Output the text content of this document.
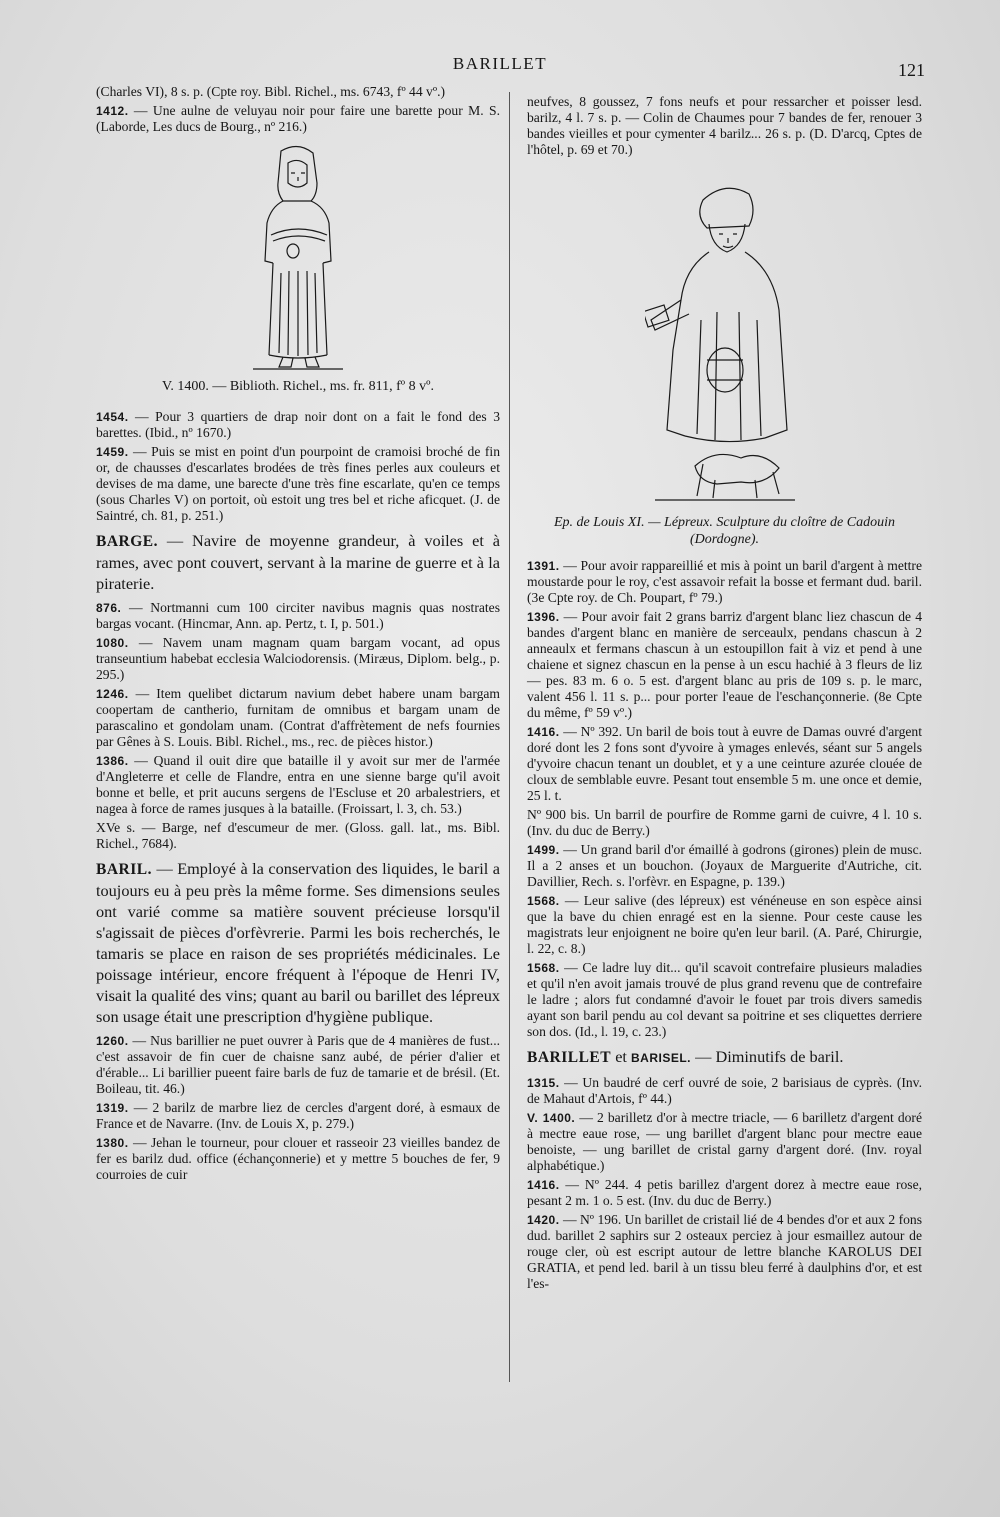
BARILLET	121

(Charles VI), 8 s. p. (Cpte roy. Bibl. Richel., ms. 6743, fº 44 vº.)

1412. — Une aulne de veluyau noir pour faire une barette pour M. S. (Laborde, Les ducs de Bourg., nº 216.)

V. 1400. — Biblioth. Richel., ms. fr. 811, fº 8 vº.

1454. — Pour 3 quartiers de drap noir dont on a fait le fond des 3 barettes. (Ibid., nº 1670.)

1459. — Puis se mist en point d'un pourpoint de cramoisi broché de fin or, de chausses d'escarlates brodées de très fines perles aux couleurs et devises de ma dame, une barecte d'une très fine escarlate, qu'en ce temps (sous Charles V) on portoit, où estoit ung tres bel et riche aficquet. (J. de Saintré, ch. 81, p. 251.)

BARGE. — Navire de moyenne grandeur, à voiles et à rames, avec pont couvert, servant à la marine de guerre et à la piraterie.

876. — Nortmanni cum 100 circiter navibus magnis quas nostrates bargas vocant. (Hincmar, Ann. ap. Pertz, t. I, p. 501.)

1080. — Navem unam magnam quam bargam vocant, ad opus transeuntium habebat ecclesia Walciodorensis. (Miræus, Diplom. belg., p. 295.)

1246. — Item quelibet dictarum navium debet habere unam bargam coopertam de cantherio, furnitam de omnibus et bargam unam de parascalino et gondolam unam. (Contrat d'affrètement de nefs fournies par Gênes à S. Louis. Bibl. Richel., ms., rec. de pièces histor.)

1386. — Quand il ouit dire que bataille il y avoit sur mer de l'armée d'Angleterre et celle de Flandre, entra en une sienne barge qu'il avoit bonne et belle, et prit aucuns sergens de l'Escluse et 20 arbalestriers, et nagea à force de rames jusques à la bataille. (Froissart, l. 3, ch. 53.)

XVe s. — Barge, nef d'escumeur de mer. (Gloss. gall. lat., ms. Bibl. Richel., 7684).

BARIL. — Employé à la conservation des liquides, le baril a toujours eu à peu près la même forme. Ses dimensions seules ont varié comme sa matière souvent précieuse lorsqu'il s'agissait de pièces d'orfèvrerie. Parmi les bois recherchés, le tamaris se place en raison de ses propriétés médicinales. Le poissage intérieur, encore fréquent à l'époque de Henri IV, visait la qualité des vins; quant au baril ou barillet des lépreux son usage était une prescription d'hygiène publique.

1260. — Nus barillier ne puet ouvrer à Paris que de 4 manières de fust... c'est assavoir de fin cuer de chaisne sanz aubé, de périer d'alier et d'érable... Li barillier pueent faire barls de fuz de tamarie et de brésil. (Et. Boileau, tit. 46.)

1319. — 2 barilz de marbre liez de cercles d'argent doré, à esmaux de France et de Navarre. (Inv. de Louis X, p. 279.)

1380. — Jehan le tourneur, pour clouer et rasseoir 23 vieilles bandez de fer es barilz dud. office (échançonnerie) et y mettre 5 bouches de fer, 9 courroies de cuir

neufves, 8 goussez, 7 fons neufs et pour ressarcher et poisser lesd. barilz, 4 l. 7 s. p. — Colin de Chaumes pour 7 bandes de fer, renouer 3 bandes vieilles et pour cymenter 4 barilz... 26 s. p. (D. D'arcq, Cptes de l'hôtel, p. 69 et 70.)

Ep. de Louis XI. — Lépreux. Sculpture du cloître de Cadouin (Dordogne).

1391. — Pour avoir rappareillié et mis à point un baril d'argent à mettre moustarde pour le roy, c'est assavoir refait la bosse et fermant dud. baril. (3e Cpte roy. de Ch. Poupart, fº 79.)

1396. — Pour avoir fait 2 grans barriz d'argent blanc liez chascun de 4 bandes d'argent blanc en manière de serceaulx, pendans chascun à 2 anneaulx et fermans chascun à un estoupillon fait à viz et pend à une chaiene et signez chascun en la pense à un escu hachié à 3 fleurs de liz — pes. 83 m. 6 o. 5 est. d'argent blanc au pris de 109 s. p. le marc, valent 456 l. 11 s. p... pour porter l'eaue de l'eschançonnerie. (8e Cpte du même, fº 59 vº.)

1416. — Nº 392. Un baril de bois tout à euvre de Damas ouvré d'argent doré dont les 2 fons sont d'yvoire à ymages enlevés, séant sur 5 angels d'yvoire chacun tenant un doublet, et y a une ceinture azurée clouée de cloux de semblable euvre. Pesant tout ensemble 5 m. une once et demie, 25 l. t.

Nº 900 bis. Un barril de pourfire de Romme garni de cuivre, 4 l. 10 s. (Inv. du duc de Berry.)

1499. — Un grand baril d'or émaillé à godrons (girones) plein de musc. Il a 2 anses et un bouchon. (Joyaux de Marguerite d'Autriche, cit. Davillier, Rech. s. l'orfèvr. en Espagne, p. 139.)

1568. — Leur salive (des lépreux) est vénéneuse en son espèce ainsi que la bave du chien enragé est en la sienne. Pour ceste cause les magistrats leur enjoignent ne boire qu'en leur baril. (A. Paré, Chirurgie, l. 22, c. 8.)

1568. — Ce ladre luy dit... qu'il scavoit contrefaire plusieurs maladies et qu'il n'en avoit jamais trouvé de plus grand revenu que de contrefaire le ladre ; alors fut condamné d'avoir le fouet par trois divers samedis ayant son baril pendu au col devant sa poitrine et ses cliquettes derriere son dos. (Id., l. 19, c. 23.)

BARILLET et BARISEL. — Diminutifs de baril.

1315. — Un baudré de cerf ouvré de soie, 2 barisiaus de cyprès. (Inv. de Mahaut d'Artois, fº 44.)

V. 1400. — 2 barilletz d'or à mectre triacle, — 6 barilletz d'argent doré à mectre eaue rose, — ung barillet d'argent blanc pour mectre eaue benoiste, — ung barillet de cristal garny d'argent doré. (Inv. royal alphabétique.)

1416. — Nº 244. 4 petis barillez d'argent dorez à mectre eaue rose, pesant 2 m. 1 o. 5 est. (Inv. du duc de Berry.)

1420. — Nº 196. Un barillet de cristail lié de 4 bendes d'or et aux 2 fons dud. barillet 2 saphirs sur 2 osteaux perciez à jour esmaillez autour de rouge cler, où est escript autour de lettre blanche KAROLUS DEI GRATIA, et pend led. baril à un tissu bleu ferré à daulphins d'or, et est l'es-
